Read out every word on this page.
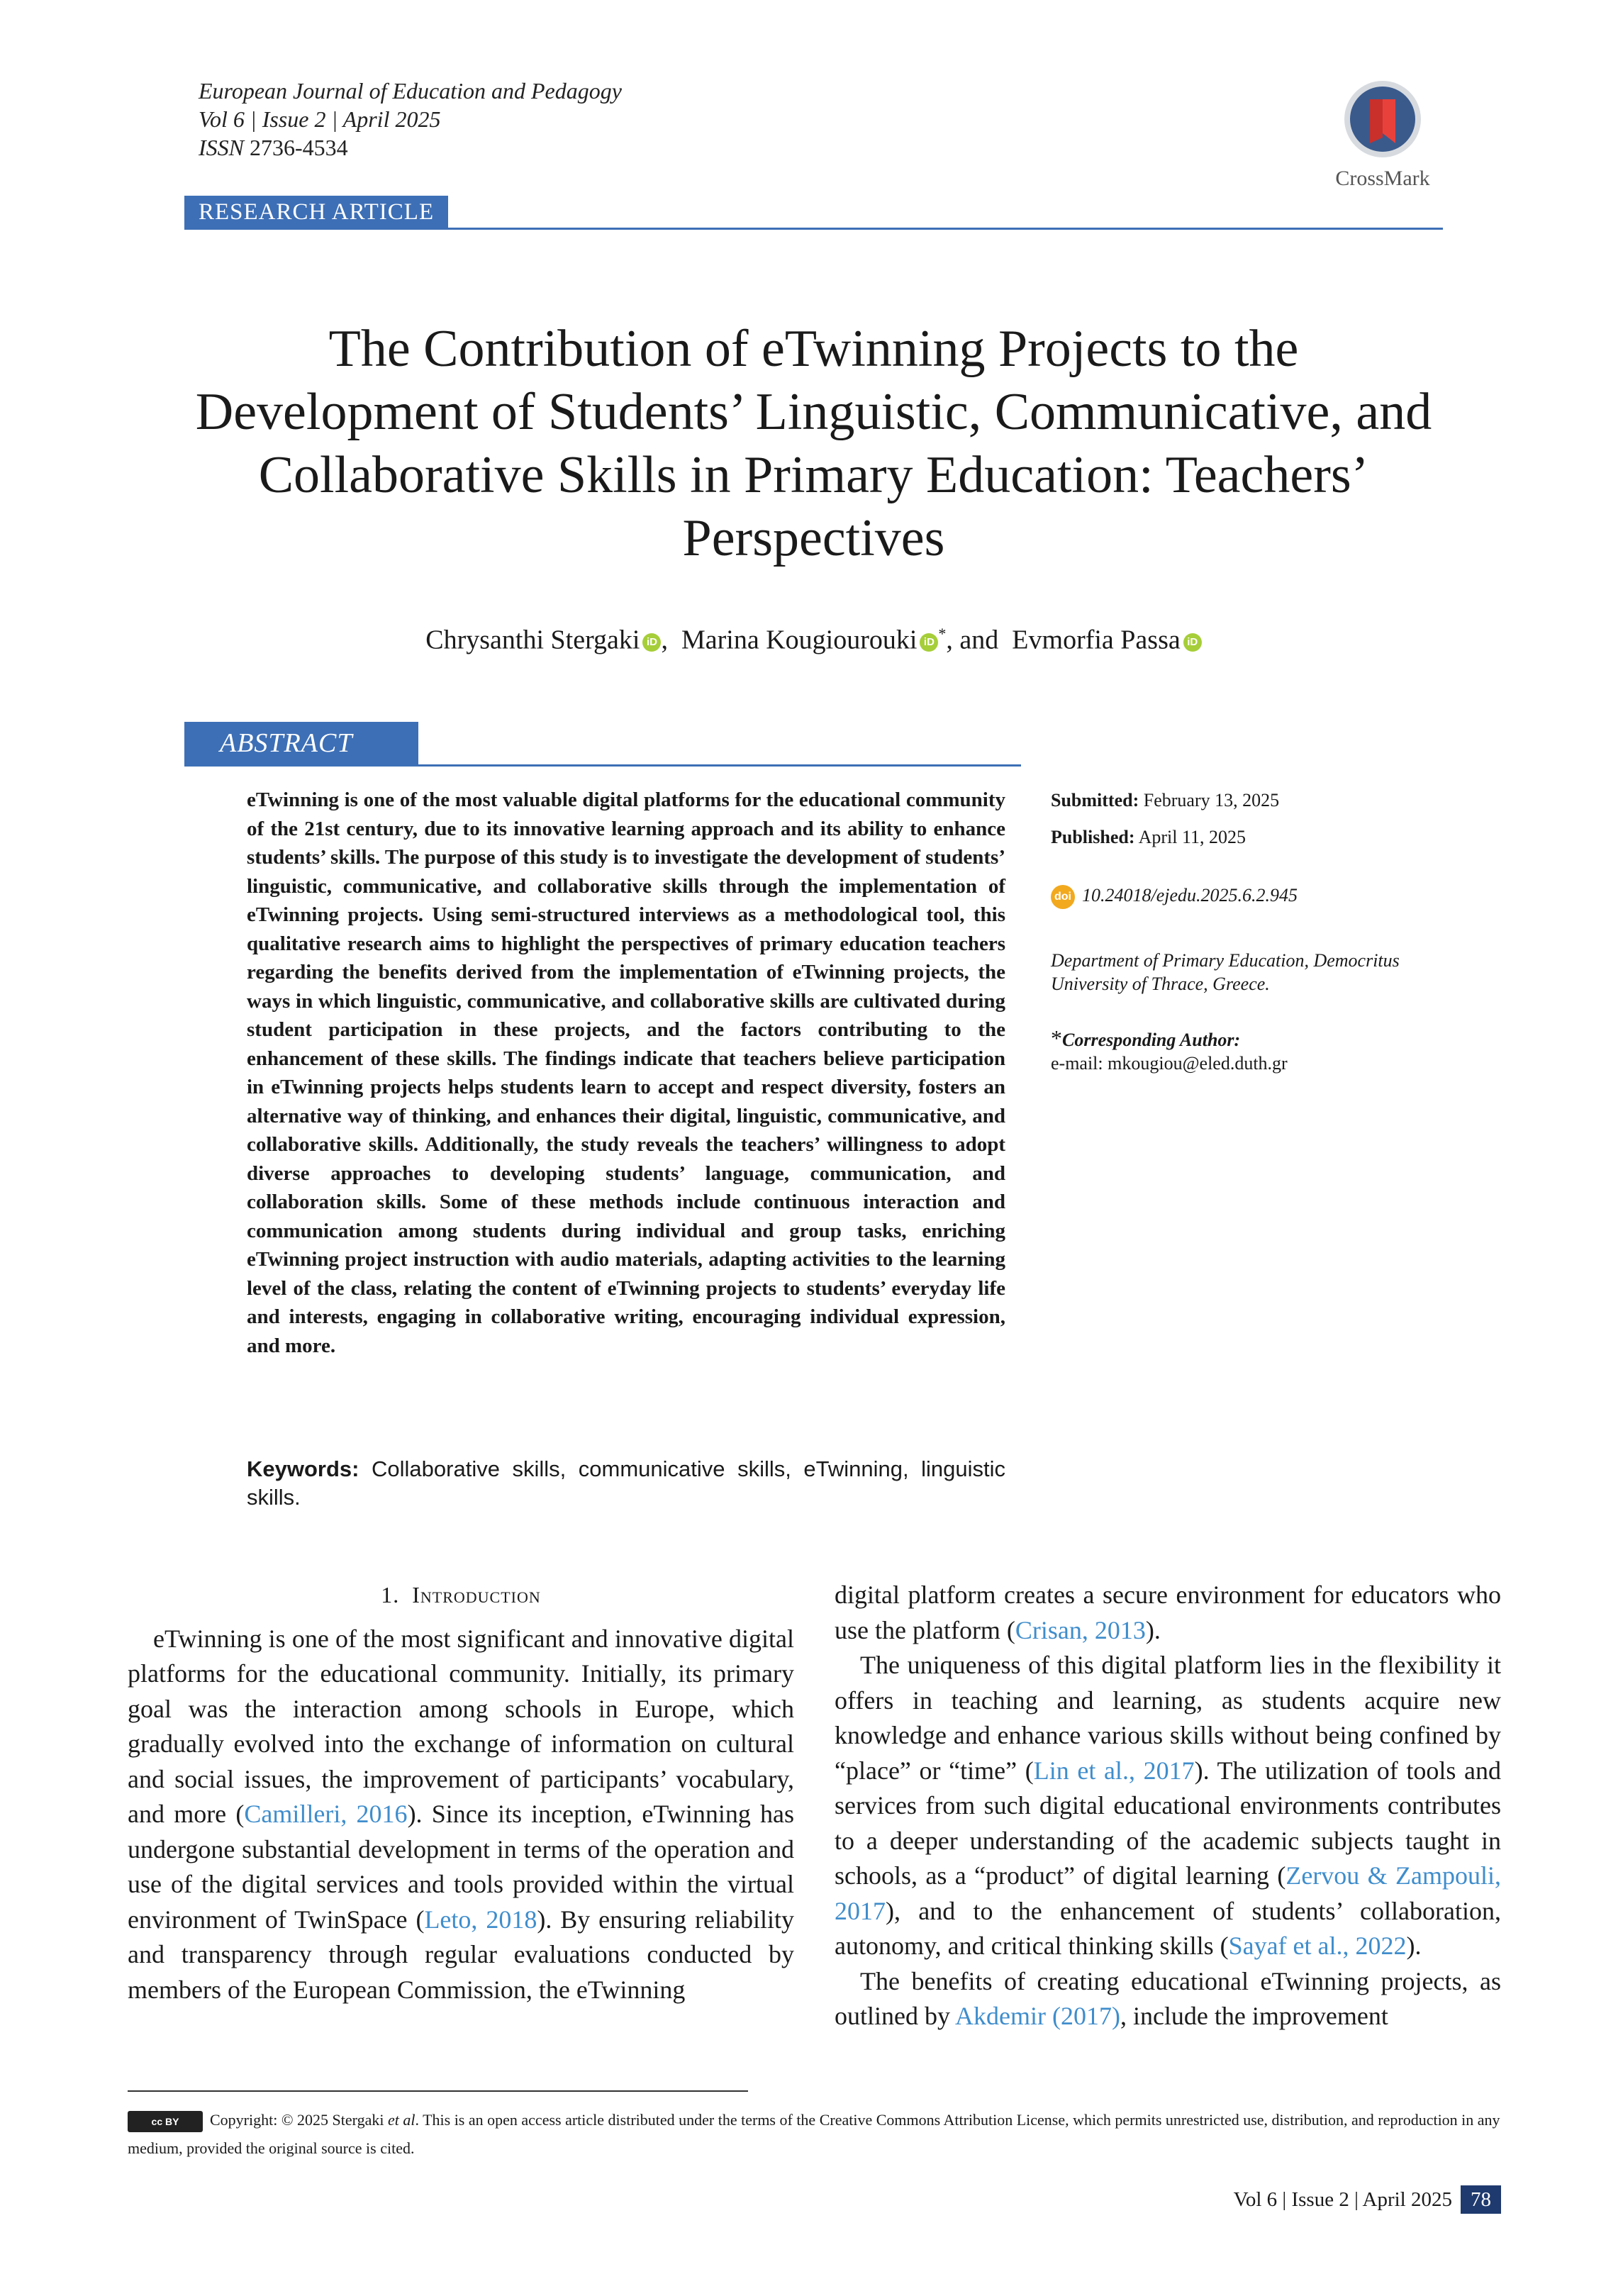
European Journal of Education and Pedagogy
Vol 6 | Issue 2 | April 2025
ISSN 2736-4534
CrossMark
RESEARCH ARTICLE
The Contribution of eTwinning Projects to the Development of Students’ Linguistic, Communicative, and Collaborative Skills in Primary Education: Teachers’ Perspectives
Chrysanthi Stergaki iD ,  Marina Kougiourouki iD *, and  Evmorfia Passa iD
ABSTRACT
eTwinning is one of the most valuable digital platforms for the educational community of the 21st century, due to its innovative learning approach and its ability to enhance students’ skills. The purpose of this study is to investigate the development of students’ linguistic, communicative, and collaborative skills through the implementation of eTwinning projects. Using semi-structured interviews as a methodological tool, this qualitative research aims to highlight the perspectives of primary education teachers regarding the benefits derived from the implementation of eTwinning projects, the ways in which linguistic, communicative, and collaborative skills are cultivated during student participation in these projects, and the factors contributing to the enhancement of these skills. The findings indicate that teachers believe participation in eTwinning projects helps students learn to accept and respect diversity, fosters an alternative way of thinking, and enhances their digital, linguistic, communicative, and collaborative skills. Additionally, the study reveals the teachers’ willingness to adopt diverse approaches to developing students’ language, communication, and collaboration skills. Some of these methods include continuous interaction and communication among students during individual and group tasks, enriching eTwinning project instruction with audio materials, adapting activities to the learning level of the class, relating the content of eTwinning projects to students’ everyday life and interests, engaging in collaborative writing, encouraging individual expression, and more.
Keywords: Collaborative skills, communicative skills, eTwinning, linguistic skills.
Submitted: February 13, 2025
Published: April 11, 2025
doi 10.24018/ejedu.2025.6.2.945
Department of Primary Education, Democritus University of Thrace, Greece.
*Corresponding Author:
e-mail: mkougiou@eled.duth.gr
1. Introduction

eTwinning is one of the most significant and innovative digital platforms for the educational community. Initially, its primary goal was the interaction among schools in Europe, which gradually evolved into the exchange of information on cultural and social issues, the improvement of participants’ vocabulary, and more (Camilleri, 2016). Since its inception, eTwinning has undergone substantial development in terms of the operation and use of the digital services and tools provided within the virtual environment of TwinSpace (Leto, 2018). By ensuring reliability and transparency through regular evaluations conducted by members of the European Commission, the eTwinning

digital platform creates a secure environment for educators who use the platform (Crisan, 2013).

The uniqueness of this digital platform lies in the flexibility it offers in teaching and learning, as students acquire new knowledge and enhance various skills without being confined by “place” or “time” (Lin et al., 2017). The utilization of tools and services from such digital educational environments contributes to a deeper understanding of the academic subjects taught in schools, as a “product” of digital learning (Zervou & Zampouli, 2017), and to the enhancement of students’ collaboration, autonomy, and critical thinking skills (Sayaf et al., 2022).

The benefits of creating educational eTwinning projects, as outlined by Akdemir (2017), include the improvement

cc BY Copyright: © 2025 Stergaki et al. This is an open access article distributed under the terms of the Creative Commons Attribution License, which permits unrestricted use, distribution, and reproduction in any medium, provided the original source is cited.
Vol 6 | Issue 2 | April 2025 78
